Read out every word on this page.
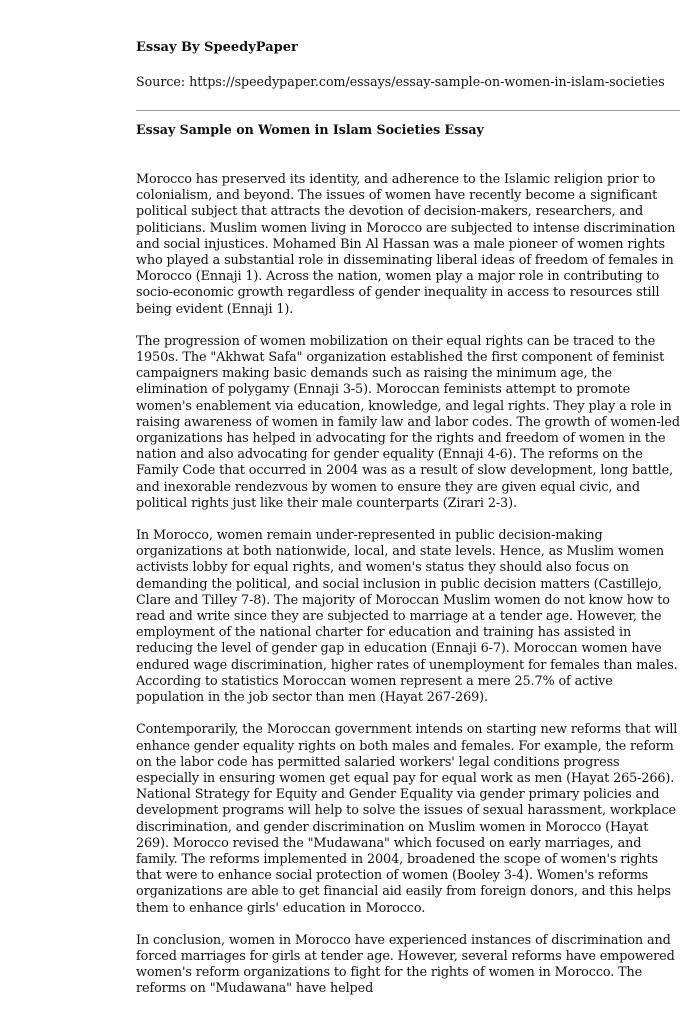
Essay By SpeedyPaper

Source: https://speedypaper.com/essays/essay-sample-on-women-in-islam-societies

Essay Sample on Women in Islam Societies Essay

Morocco has preserved its identity, and adherence to the Islamic religion prior to colonialism, and beyond. The issues of women have recently become a significant political subject that attracts the devotion of decision-makers, researchers, and politicians. Muslim women living in Morocco are subjected to intense discrimination and social injustices. Mohamed Bin Al Hassan was a male pioneer of women rights who played a substantial role in disseminating liberal ideas of freedom of females in Morocco (Ennaji 1). Across the nation, women play a major role in contributing to socio-economic growth regardless of gender inequality in access to resources still being evident (Ennaji 1).

The progression of women mobilization on their equal rights can be traced to the 1950s. The "Akhwat Safa" organization established the first component of feminist campaigners making basic demands such as raising the minimum age, the elimination of polygamy (Ennaji 3-5). Moroccan feminists attempt to promote women's enablement via education, knowledge, and legal rights. They play a role in raising awareness of women in family law and labor codes. The growth of women-led organizations has helped in advocating for the rights and freedom of women in the nation and also advocating for gender equality (Ennaji 4-6). The reforms on the Family Code that occurred in 2004 was as a result of slow development, long battle, and inexorable rendezvous by women to ensure they are given equal civic, and political rights just like their male counterparts (Zirari 2-3).

In Morocco, women remain under-represented in public decision-making organizations at both nationwide, local, and state levels. Hence, as Muslim women activists lobby for equal rights, and women's status they should also focus on demanding the political, and social inclusion in public decision matters (Castillejo, Clare and Tilley 7-8). The majority of Moroccan Muslim women do not know how to read and write since they are subjected to marriage at a tender age. However, the employment of the national charter for education and training has assisted in reducing the level of gender gap in education (Ennaji 6-7). Moroccan women have endured wage discrimination, higher rates of unemployment for females than males. According to statistics Moroccan women represent a mere 25.7% of active population in the job sector than men (Hayat 267-269).

Contemporarily, the Moroccan government intends on starting new reforms that will enhance gender equality rights on both males and females. For example, the reform on the labor code has permitted salaried workers' legal conditions progress especially in ensuring women get equal pay for equal work as men (Hayat 265-266). National Strategy for Equity and Gender Equality via gender primary policies and development programs will help to solve the issues of sexual harassment, workplace discrimination, and gender discrimination on Muslim women in Morocco (Hayat 269). Morocco revised the "Mudawana" which focused on early marriages, and family. The reforms implemented in 2004, broadened the scope of women's rights that were to enhance social protection of women (Booley 3-4). Women's reforms organizations are able to get financial aid easily from foreign donors, and this helps them to enhance girls' education in Morocco.

In conclusion, women in Morocco have experienced instances of discrimination and forced marriages for girls at tender age. However, several reforms have empowered women's reform organizations to fight for the rights of women in Morocco. The reforms on "Mudawana" have helped
